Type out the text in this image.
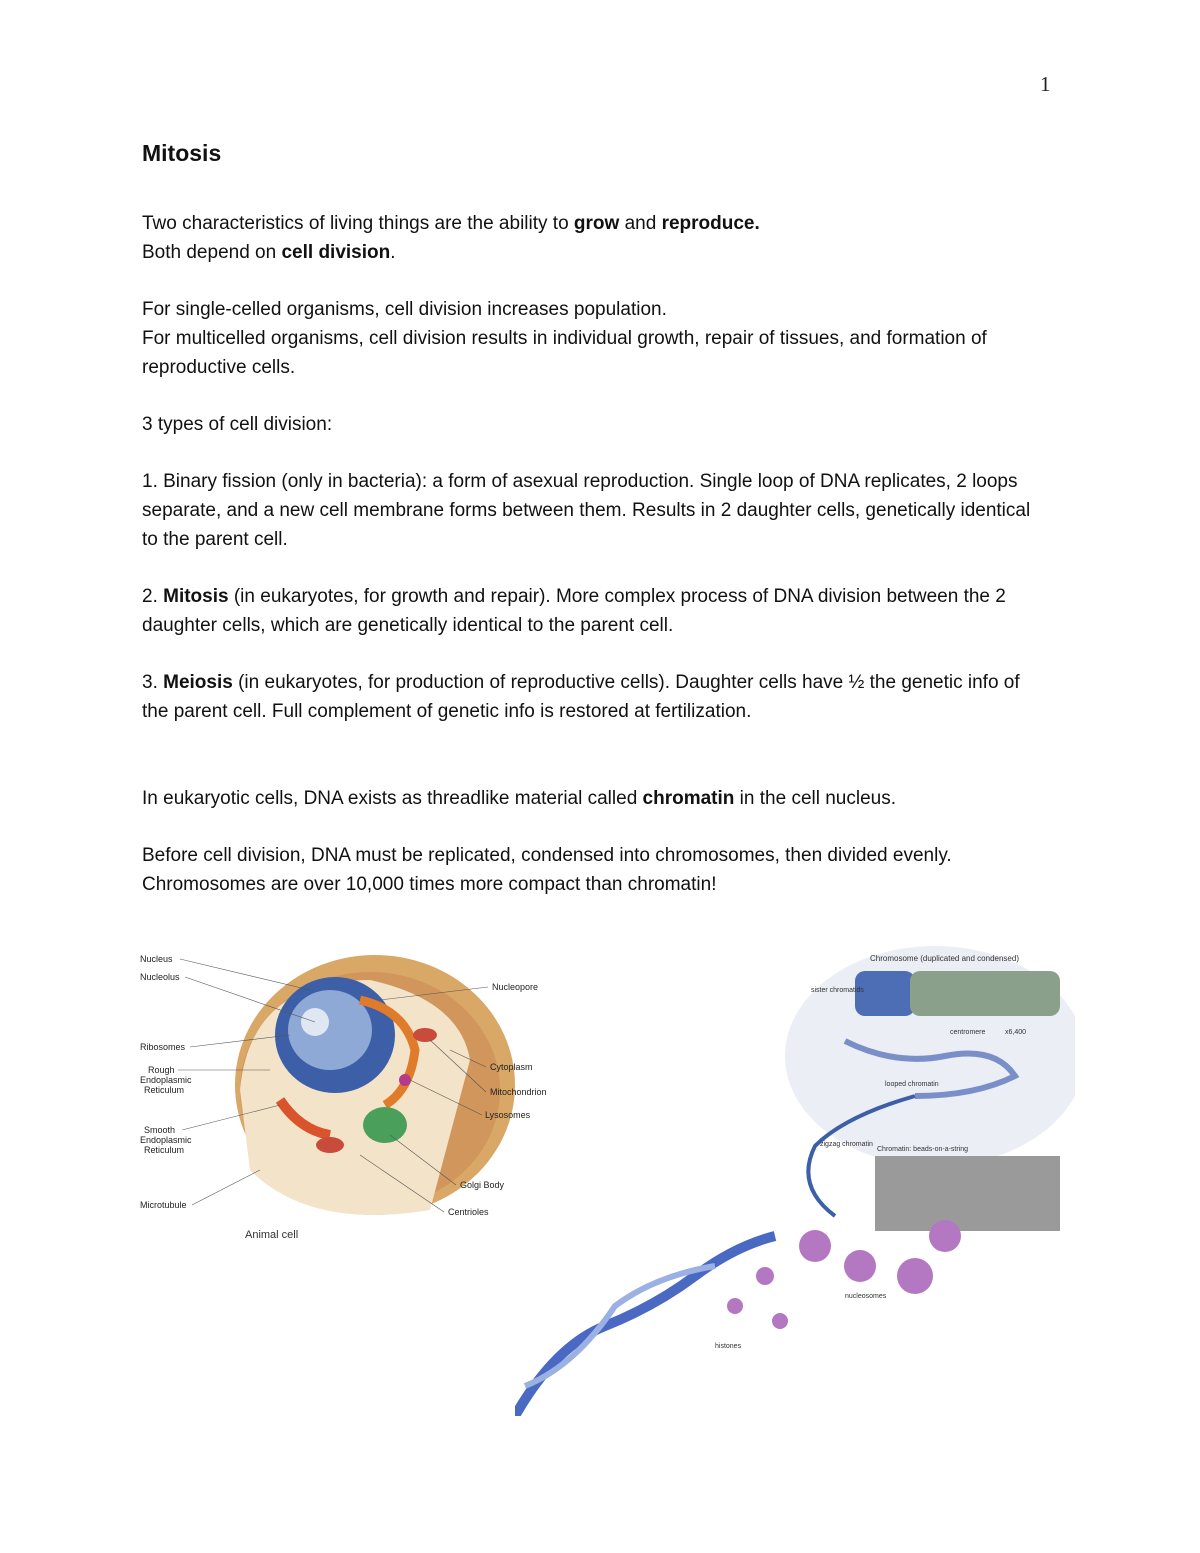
1
Mitosis
Two characteristics of living things are the ability to grow and reproduce.
Both depend on cell division.
For single-celled organisms, cell division increases population.
For multicelled organisms, cell division results in individual growth, repair of tissues, and formation of reproductive cells.
3 types of cell division:
1. Binary fission (only in bacteria): a form of asexual reproduction. Single loop of DNA replicates, 2 loops separate, and a new cell membrane forms between them. Results in 2 daughter cells, genetically identical to the parent cell.
2. Mitosis (in eukaryotes, for growth and repair). More complex process of DNA division between the 2 daughter cells, which are genetically identical to the parent cell.
3. Meiosis (in eukaryotes, for production of reproductive cells). Daughter cells have ½ the genetic info of the parent cell. Full complement of genetic info is restored at fertilization.
In eukaryotic cells, DNA exists as threadlike material called chromatin in the cell nucleus.
Before cell division, DNA must be replicated, condensed into chromosomes, then divided evenly. Chromosomes are over 10,000 times more compact than chromatin!
Nucleus
Nucleolus
Ribosomes
Rough
Endoplasmic
Reticulum
Smooth
Endoplasmic
Reticulum
Microtubule
Nucleopore
Cytoplasm
Mitochondrion
Lysosomes
Golgi Body
Centrioles
Animal cell
Chromosome (duplicated and condensed)
sister chromatids
centromere	x6,400
looped chromatin
zigzag chromatin
Chromatin: beads-on-a-string
nucleosomes
histones
